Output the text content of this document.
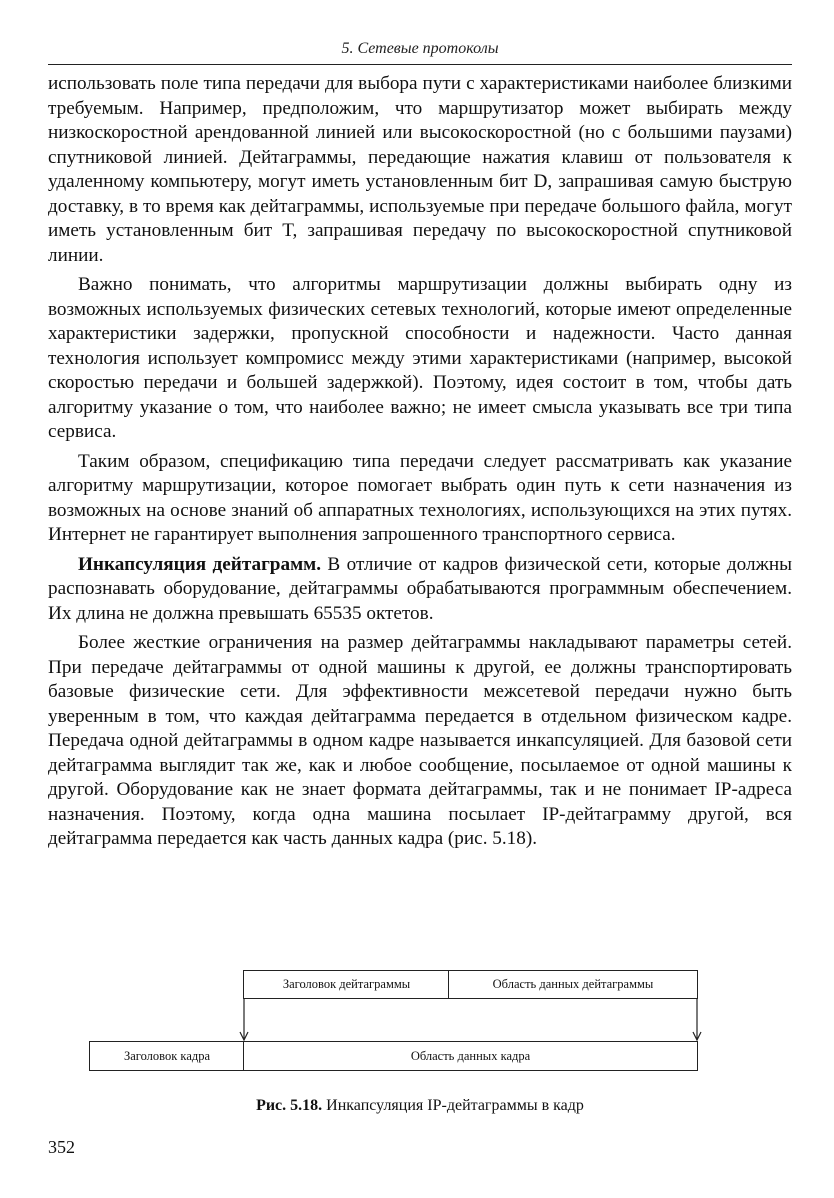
5. Сетевые протоколы

использовать поле типа передачи для выбора пути с характеристиками наиболее близкими требуемым. Например, предположим, что маршрутизатор может выбирать между низкоскоростной арендованной линией или высокоскоростной (но с большими паузами) спутниковой линией. Дейтаграммы, передающие нажатия клавиш от пользователя к удаленному компьютеру, могут иметь установленным бит D, запрашивая самую быструю доставку, в то время как дейтаграммы, используемые при передаче большого файла, могут иметь установленным бит T, запрашивая передачу по высокоскоростной спутниковой линии.

Важно понимать, что алгоритмы маршрутизации должны выбирать одну из возможных используемых физических сетевых технологий, которые имеют определенные характеристики задержки, пропускной способности и надежности. Часто данная технология использует компромисс между этими характеристиками (например, высокой скоростью передачи и большей задержкой). Поэтому, идея состоит в том, чтобы дать алгоритму указание о том, что наиболее важно; не имеет смысла указывать все три типа сервиса.

Таким образом, спецификацию типа передачи следует рассматривать как указание алгоритму маршрутизации, которое помогает выбрать один путь к сети назначения из возможных на основе знаний об аппаратных технологиях, использующихся на этих путях. Интернет не гарантирует выполнения запрошенного транспортного сервиса.

Инкапсуляция дейтаграмм. В отличие от кадров физической сети, которые должны распознавать оборудование, дейтаграммы обрабатываются программным обеспечением. Их длина не должна превышать 65535 октетов.

Более жесткие ограничения на размер дейтаграммы накладывают параметры сетей. При передаче дейтаграммы от одной машины к другой, ее должны транспортировать базовые физические сети. Для эффективности межсетевой передачи нужно быть уверенным в том, что каждая дейтаграмма передается в отдельном физическом кадре. Передача одной дейтаграммы в одном кадре называется инкапсуляцией. Для базовой сети дейтаграмма выглядит так же, как и любое сообщение, посылаемое от одной машины к другой. Оборудование как не знает формата дейтаграммы, так и не понимает IP-адреса назначения. Поэтому, когда одна машина посылает IP-дейтаграмму другой, вся дейтаграмма передается как часть данных кадра (рис. 5.18).

Заголовок дейтаграммы	Область данных дейтаграммы
Заголовок кадра	Область данных кадра
Рис. 5.18. Инкапсуляция IP-дейтаграммы в кадр
352
